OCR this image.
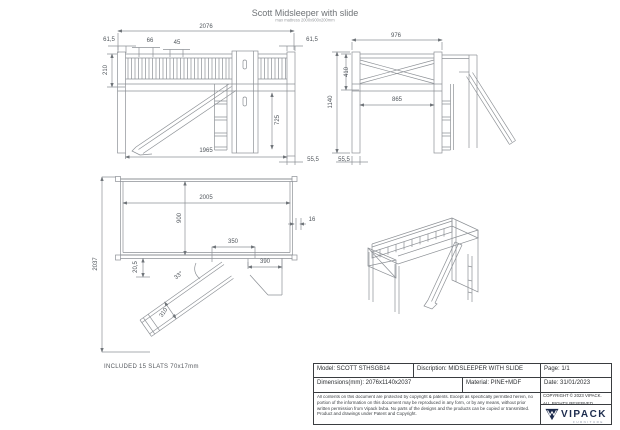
Scott Midsleeper with slide
max mattress 2000x900x200mm
2076
61,5	66	45	61,5
210
725
1965
55,5
976
410
1140	865
55,5
2005
900	16
350
390
20,5
33°
310
2037
INCLUDED 15 SLATS 70x17mm	Model: SCOTT STHSGB14	Discription: MIDSLEEPER WITH SLIDE	Page: 1/1
Dimensions(mm): 2076x1140x2037	Material: PINE+MDF	Date: 31/01/2023
All contents on this document are protected by copyright & patents. Except as specifically permitted herein, no portion of the information on this document may be reproduced in any form, or by any means, without prior written permission from Vipack bvba. No parts of the designs and the products can be copied or transmitted. Product and drawings under Patent and Copyright.
COPYRIGHT © 2023 VIPACK.
ALL RIGHTS RESERVED
VIPACK
FURNITURE
